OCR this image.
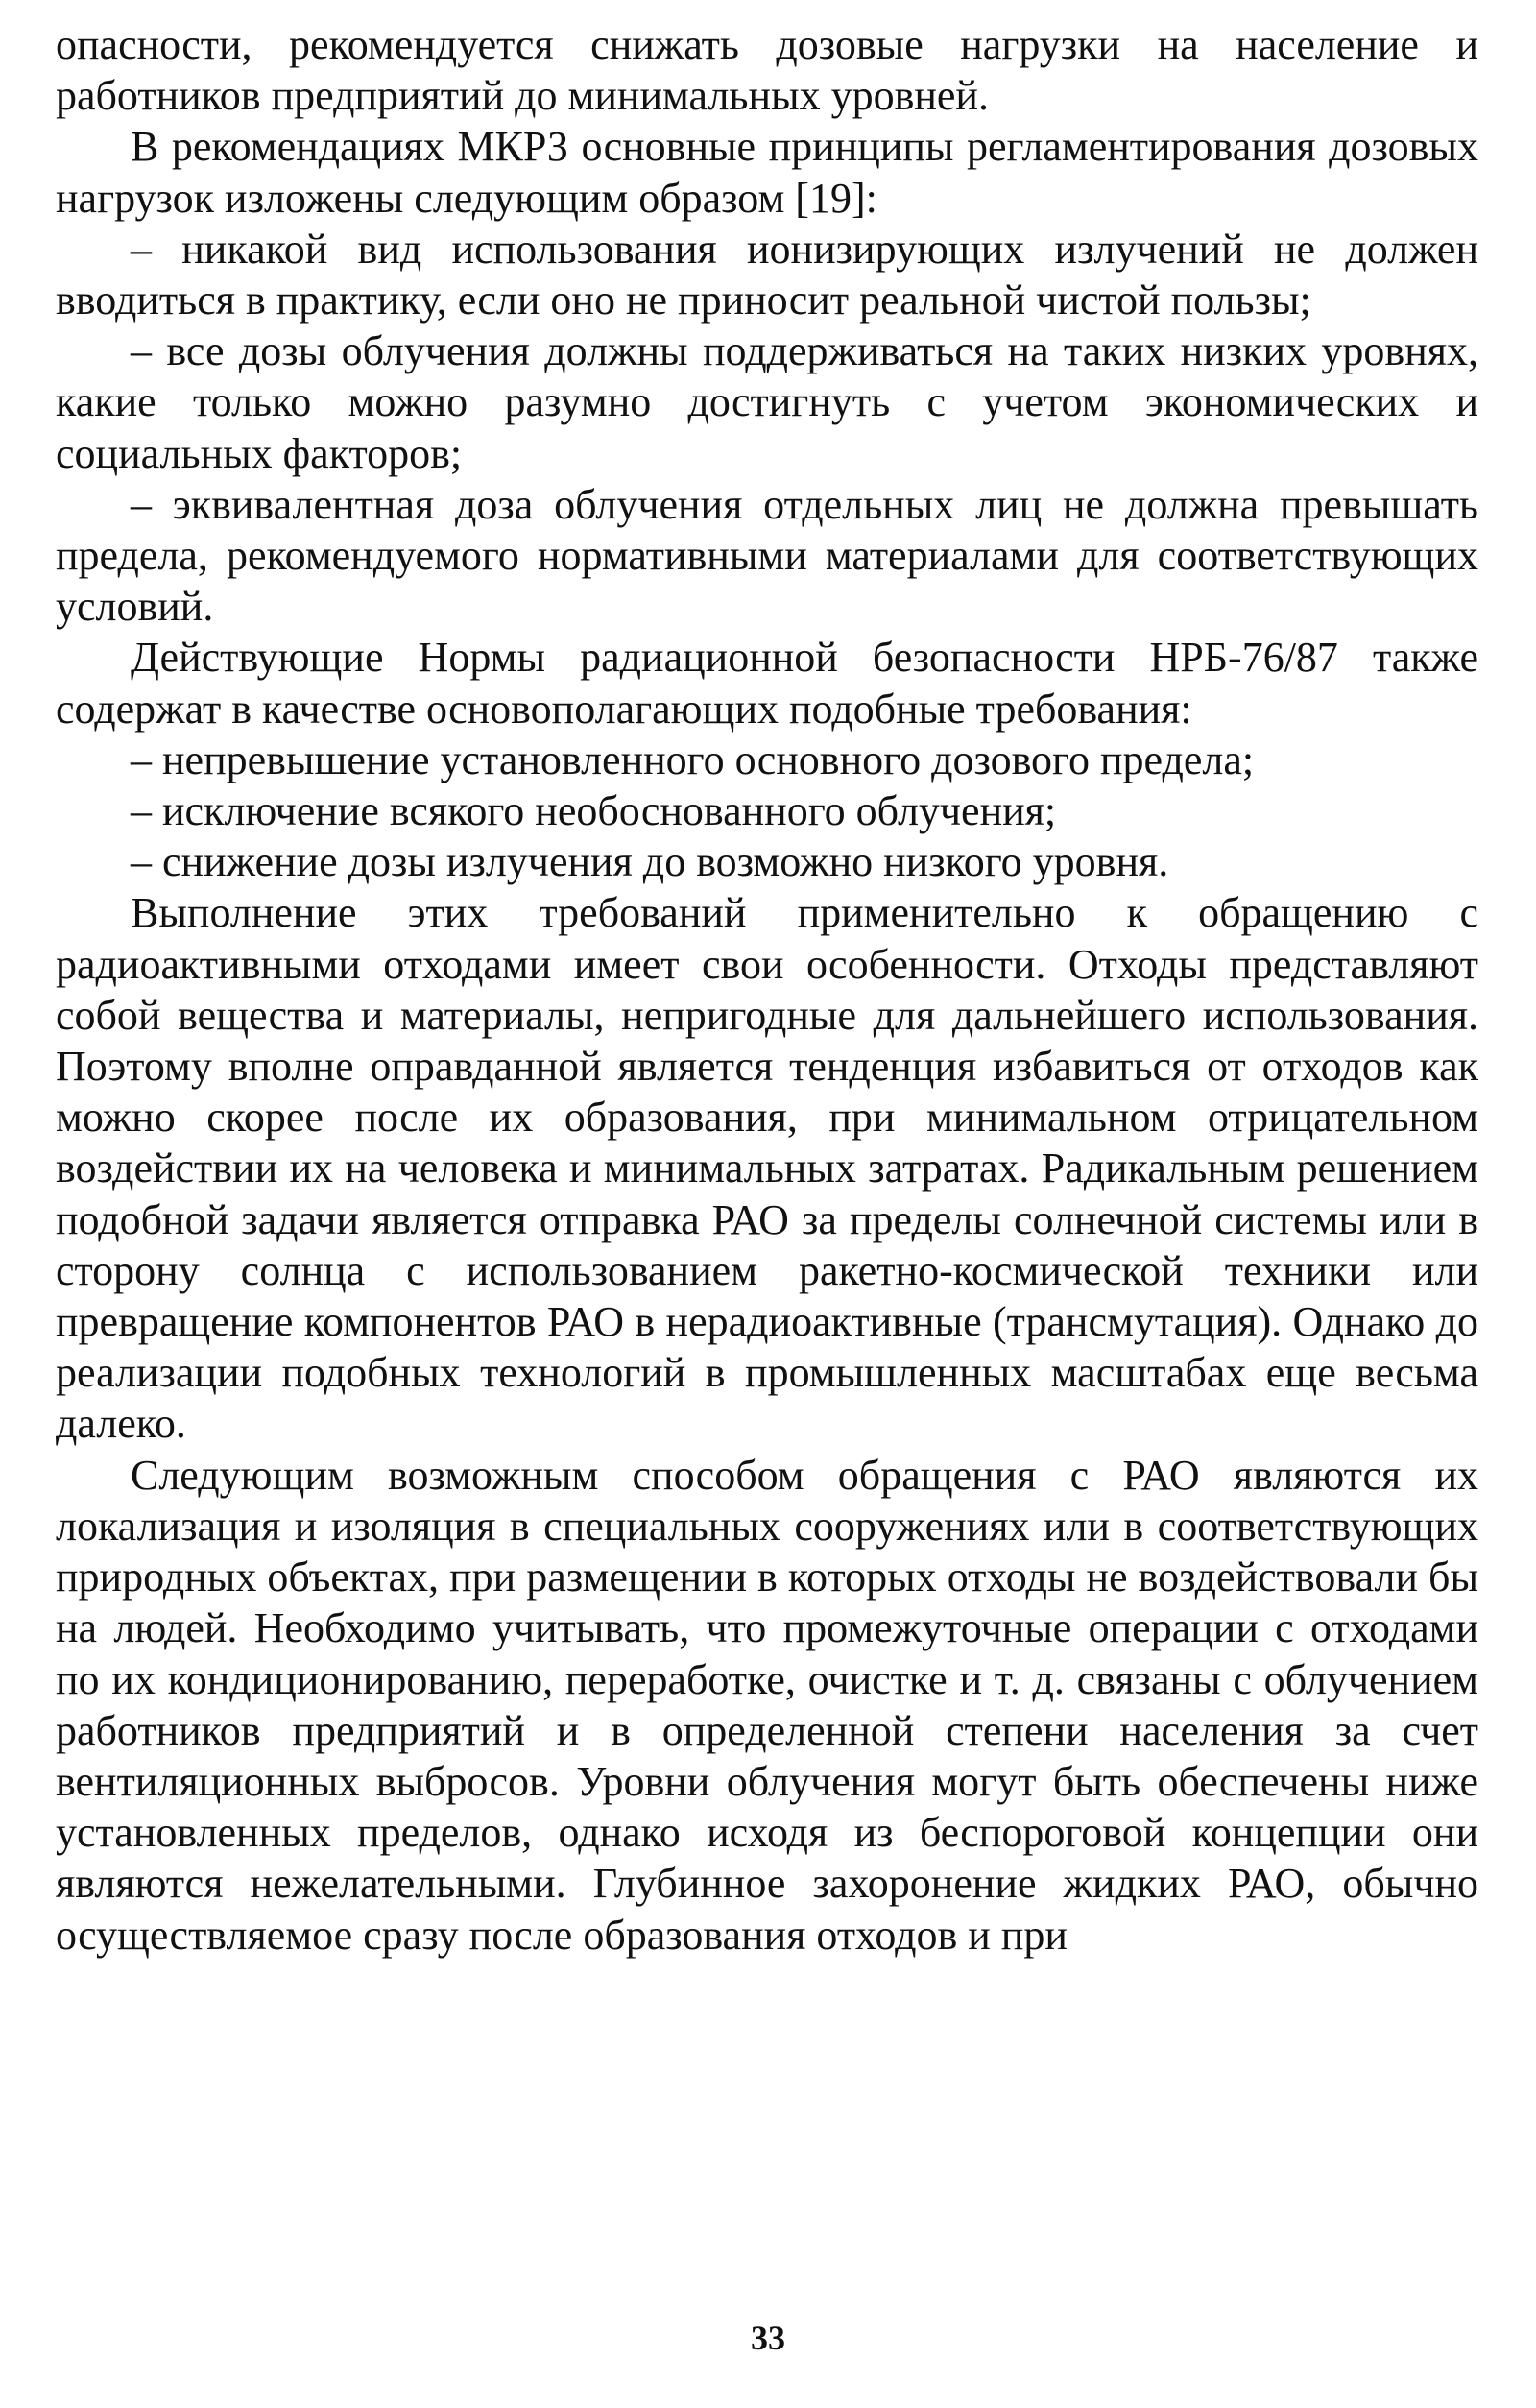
опасности, рекомендуется снижать дозовые нагрузки на население и работников предприятий до минимальных уровней.

В рекомендациях МКРЗ основные принципы регламентирования дозовых нагрузок изложены следующим образом [19]:

– никакой вид использования ионизирующих излучений не должен вводиться в практику, если оно не приносит реальной чистой пользы;

– все дозы облучения должны поддерживаться на таких низких уровнях, какие только можно разумно достигнуть с учетом экономических и социальных факторов;

– эквивалентная доза облучения отдельных лиц не должна превышать предела, рекомендуемого нормативными материалами для соответствующих условий.

Действующие Нормы радиационной безопасности НРБ-76/87 также содержат в качестве основополагающих подобные требования:

– непревышение установленного основного дозового предела;

– исключение всякого необоснованного облучения;

– снижение дозы излучения до возможно низкого уровня.

Выполнение этих требований применительно к обращению с радиоактивными отходами имеет свои особенности. Отходы представляют собой вещества и материалы, непригодные для дальнейшего использования. Поэтому вполне оправданной является тенденция избавиться от отходов как можно скорее после их образования, при минимальном отрицательном воздействии их на человека и минимальных затратах. Радикальным решением подобной задачи является отправка РАО за пределы солнечной системы или в сторону солнца с использованием ракетно-космической техники или превращение компонентов РАО в нерадиоактивные (трансмутация). Однако до реализации подобных технологий в промышленных масштабах еще весьма далеко.

Следующим возможным способом обращения с РАО являются их локализация и изоляция в специальных сооружениях или в соответствующих природных объектах, при размещении в которых отходы не воздействовали бы на людей. Необходимо учитывать, что промежуточные операции с отходами по их кондиционированию, переработке, очистке и т. д. связаны с облучением работников предприятий и в определенной степени населения за счет вентиляционных выбросов. Уровни облучения могут быть обеспечены ниже установленных пределов, однако исходя из беспороговой концепции они являются нежелательными. Глубинное захоронение жидких РАО, обычно осуществляемое сразу после образования отходов и при

33
